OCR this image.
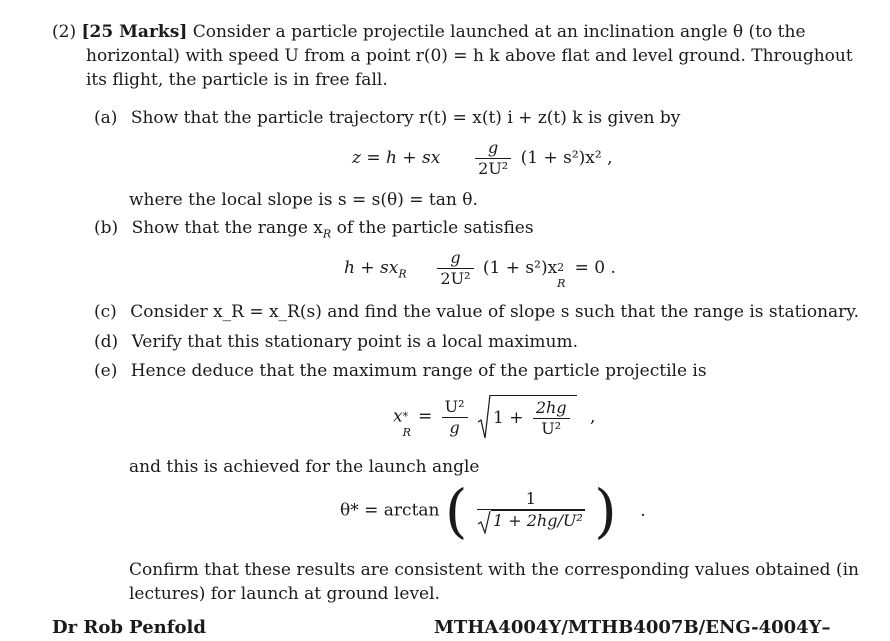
(2) [25 Marks] Consider a particle projectile launched at an inclination angle θ (to the
horizontal) with speed U from a point r(0) = h k above flat and level ground. Throughout
its flight, the particle is in free fall.
(a) Show that the particle trajectory r(t) = x(t) i + z(t) k is given by
z = h + sx $\frac{g}{\text{2U²}} (1 + s^2)x^2$ ,
where the local slope is s = s(θ) = tan θ.
(b) Show that the range $x_R$ of the particle satisfies
$h + sx_R \frac{g}{\text{2U²}} (1 + s^2)x$ 2
R
= 0 .
(c) Consider x_R = x_R(s) and find the value of slope s such that the range is stationary.
(d) Verify that this stationary point is a local maximum.
(e) Hence deduce that the maximum range of the particle projectile is
x *
R
= $\frac{\text{U²}}{g} 1 + \frac{2hg}{\text{U²}}$ ,
and this is achieved for the launch angle
θ* = arctan ( $\frac{1}{\text{1 + 2hg/U²}}$ ) .
Confirm that these results are consistent with the corresponding values obtained (in
lectures) for launch at ground level.
Dr Rob Penfold	MTHA4004Y/MTHB4007B/ENG-4004Y–
